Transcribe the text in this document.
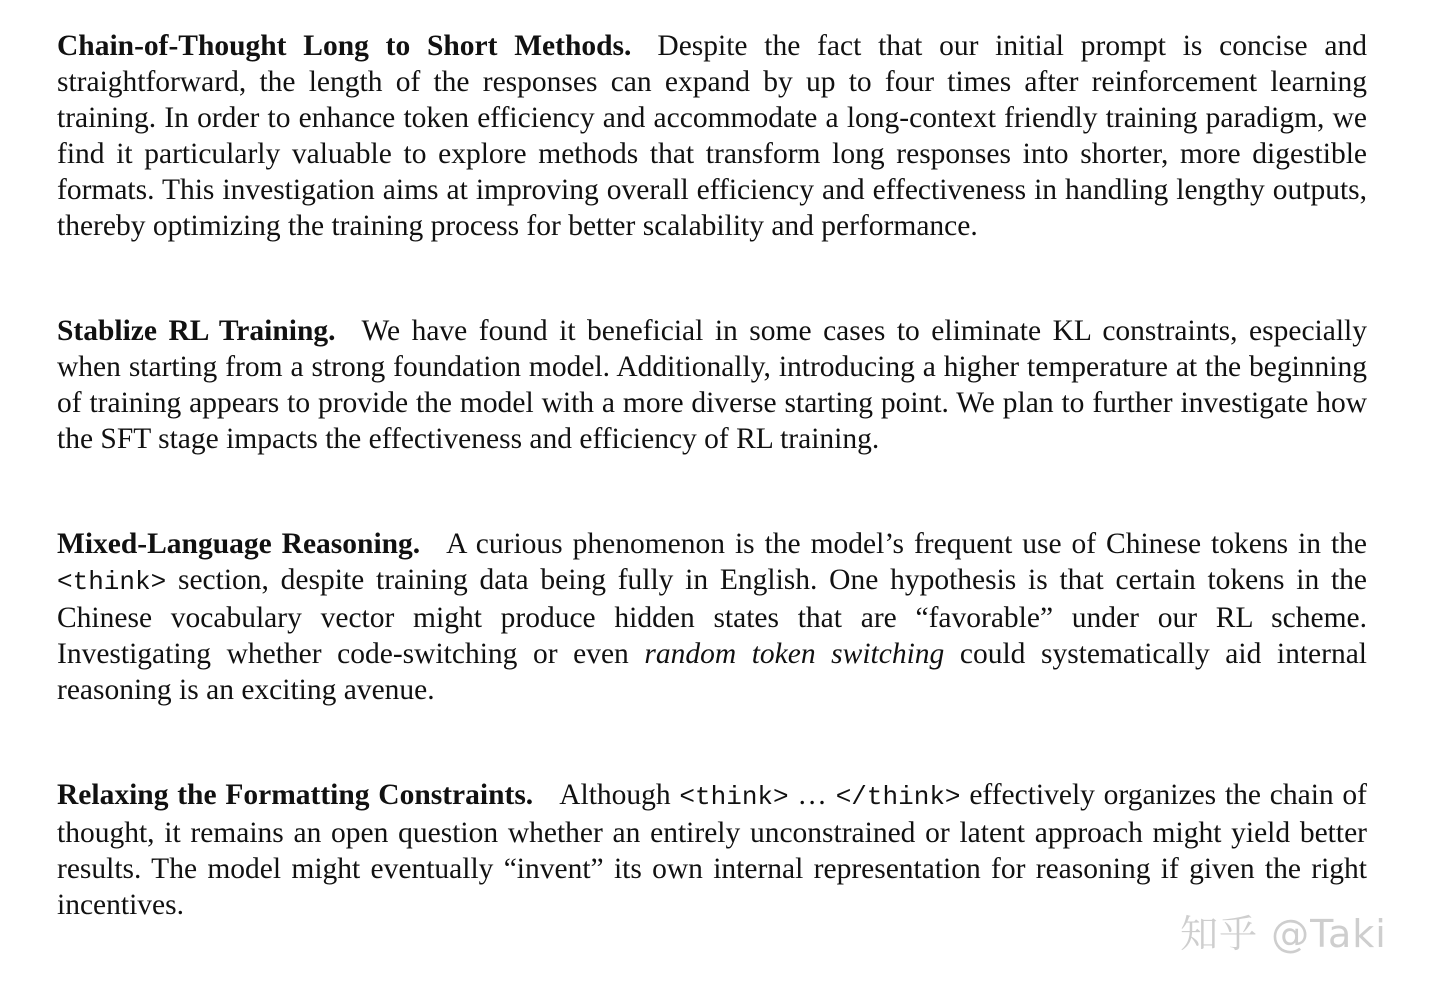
Chain-of-Thought Long to Short Methods. Despite the fact that our initial prompt is concise and straightforward, the length of the responses can expand by up to four times after reinforcement learning training. In order to enhance token efficiency and accommodate a long-context friendly training paradigm, we find it particularly valuable to explore methods that transform long responses into shorter, more digestible formats. This investigation aims at improving overall efficiency and effectiveness in handling lengthy outputs, thereby optimizing the training process for better scalability and performance.

Stablize RL Training. We have found it beneficial in some cases to eliminate KL constraints, especially when starting from a strong foundation model. Additionally, introducing a higher temperature at the beginning of training appears to provide the model with a more diverse starting point. We plan to further investigate how the SFT stage impacts the effectiveness and efficiency of RL training.

Mixed-Language Reasoning. A curious phenomenon is the model’s frequent use of Chinese tokens in the <think> section, despite training data being fully in English. One hypothesis is that certain tokens in the Chinese vocabulary vector might produce hidden states that are “favorable” under our RL scheme. Investigating whether code-switching or even random token switching could systematically aid internal reasoning is an exciting avenue.

Relaxing the Formatting Constraints. Although <think> … </think> effectively organizes the chain of thought, it remains an open question whether an entirely unconstrained or latent approach might yield better results. The model might eventually “invent” its own internal representation for reasoning if given the right incentives.

知乎 @Taki
